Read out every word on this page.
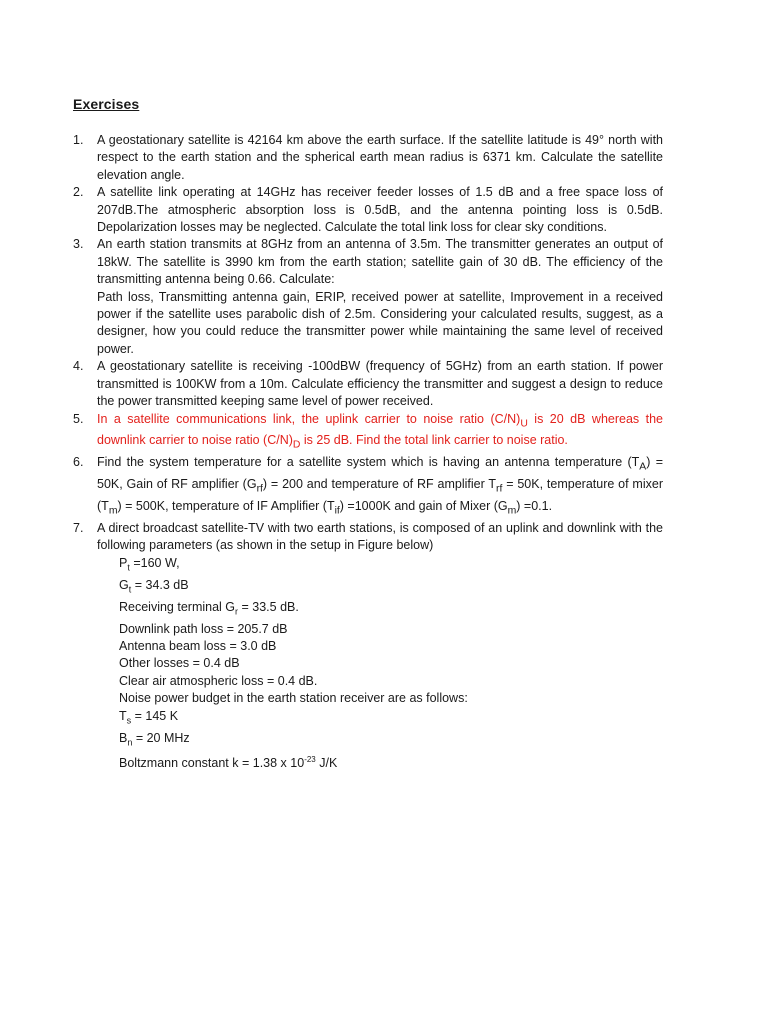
Exercises
1. A geostationary satellite is 42164 km above the earth surface. If the satellite latitude is 49° north with respect to the earth station and the spherical earth mean radius is 6371 km. Calculate the satellite elevation angle.
2. A satellite link operating at 14GHz has receiver feeder losses of 1.5 dB and a free space loss of 207dB.The atmospheric absorption loss is 0.5dB, and the antenna pointing loss is 0.5dB. Depolarization losses may be neglected. Calculate the total link loss for clear sky conditions.
3. An earth station transmits at 8GHz from an antenna of 3.5m. The transmitter generates an output of 18kW. The satellite is 3990 km from the earth station; satellite gain of 30 dB. The efficiency of the transmitting antenna being 0.66. Calculate:
Path loss, Transmitting antenna gain, ERIP, received power at satellite, Improvement in a received power if the satellite uses parabolic dish of 2.5m. Considering your calculated results, suggest, as a designer, how you could reduce the transmitter power while maintaining the same level of received power.
4. A geostationary satellite is receiving -100dBW (frequency of 5GHz) from an earth station. If power transmitted is 100KW from a 10m. Calculate efficiency the transmitter and suggest a design to reduce the power transmitted keeping same level of power received.
5. In a satellite communications link, the uplink carrier to noise ratio $(C/N)_U$ is 20 dB whereas the downlink carrier to noise ratio $(C/N)_D$ is 25 dB. Find the total link carrier to noise ratio.
6. Find the system temperature for a satellite system which is having an antenna temperature $(T_A) = 50K$, Gain of RF amplifier $(G_{rf}) = 200$ and temperature of RF amplifier $T_{rf} = 50K$, temperature of mixer $(T_m) = 500K$, temperature of IF Amplifier $(T_{if}) =1000K$ and gain of Mixer $(G_m) =0.1$.
7. A direct broadcast satellite-TV with two earth stations, is composed of an uplink and downlink with the following parameters (as shown in the setup in Figure below)
$P_t =160$ W,
$G_t = 34.3$ dB
Receiving terminal $G_r = 33.5$ dB.
Downlink path loss = 205.7 dB
Antenna beam loss = 3.0 dB
Other losses = 0.4 dB
Clear air atmospheric loss = 0.4 dB.
Noise power budget in the earth station receiver are as follows:
$T_s = 145$ K
$B_n = 20$ MHz
Boltzmann constant k = 1.38 x $10^{-23}$ J/K
